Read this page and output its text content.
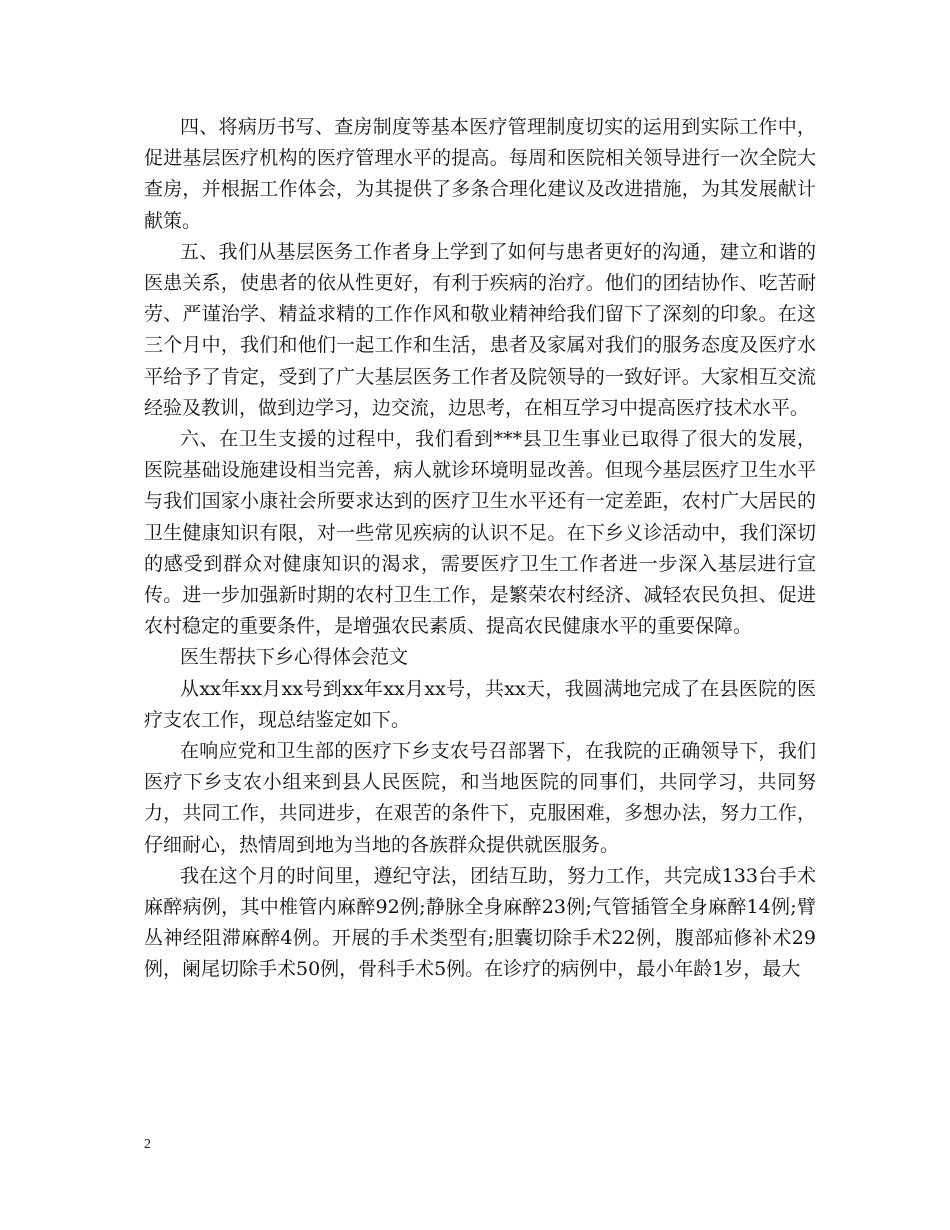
四、将病历书写、查房制度等基本医疗管理制度切实的运用到实际工作中，促进基层医疗机构的医疗管理水平的提高。每周和医院相关领导进行一次全院大查房，并根据工作体会，为其提供了多条合理化建议及改进措施，为其发展献计献策。

五、我们从基层医务工作者身上学到了如何与患者更好的沟通，建立和谐的医患关系，使患者的依从性更好，有利于疾病的治疗。他们的团结协作、吃苦耐劳、严谨治学、精益求精的工作作风和敬业精神给我们留下了深刻的印象。在这三个月中，我们和他们一起工作和生活，患者及家属对我们的服务态度及医疗水平给予了肯定，受到了广大基层医务工作者及院领导的一致好评。大家相互交流经验及教训，做到边学习，边交流，边思考，在相互学习中提高医疗技术水平。

六、在卫生支援的过程中，我们看到***县卫生事业已取得了很大的发展，医院基础设施建设相当完善，病人就诊环境明显改善。但现今基层医疗卫生水平与我们国家小康社会所要求达到的医疗卫生水平还有一定差距，农村广大居民的卫生健康知识有限，对一些常见疾病的认识不足。在下乡义诊活动中，我们深切的感受到群众对健康知识的渴求，需要医疗卫生工作者进一步深入基层进行宣传。进一步加强新时期的农村卫生工作，是繁荣农村经济、减轻农民负担、促进农村稳定的重要条件，是增强农民素质、提高农民健康水平的重要保障。

医生帮扶下乡心得体会范文

从xx年xx月xx号到xx年xx月xx号，共xx天，我圆满地完成了在县医院的医疗支农工作，现总结鉴定如下。

在响应党和卫生部的医疗下乡支农号召部署下，在我院的正确领导下，我们医疗下乡支农小组来到县人民医院，和当地医院的同事们，共同学习，共同努力，共同工作，共同进步，在艰苦的条件下，克服困难，多想办法，努力工作，仔细耐心，热情周到地为当地的各族群众提供就医服务。

我在这个月的时间里，遵纪守法，团结互助，努力工作，共完成133台手术麻醉病例，其中椎管内麻醉92例;静脉全身麻醉23例;气管插管全身麻醉14例;臂丛神经阻滞麻醉4例。开展的手术类型有;胆囊切除手术22例，腹部疝修补术29例，阑尾切除手术50例，骨科手术5例。在诊疗的病例中，最小年龄1岁，最大

2
